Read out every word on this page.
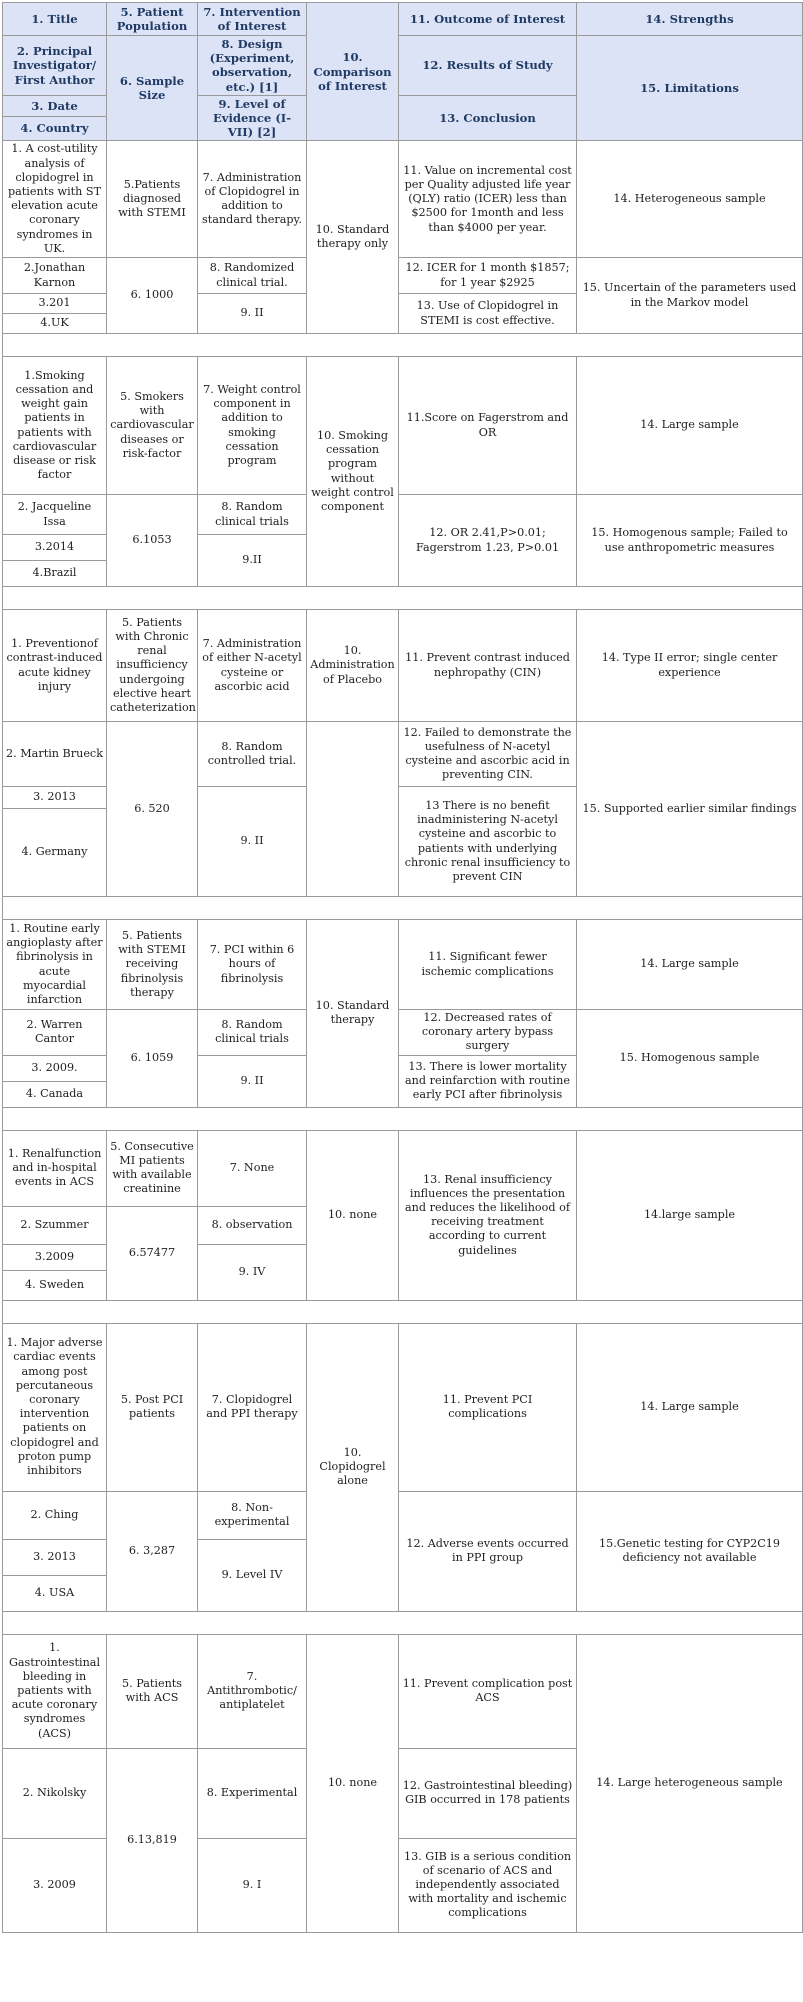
1. Title	5. Patient Population	7. Intervention of Interest	10. Comparison of Interest	11. Outcome of Interest	14. Strengths
2. Principal Investigator/ First Author	6. Sample Size	8. Design (Experiment, observation, etc.) [1]		12. Results of Study	15. Limitations
3. Date		9. Level of Evidence (I-VII) [2]		13. Conclusion	
4. Country					
1. A cost-utility analysis of clopidogrel in patients with ST elevation acute coronary syndromes in UK.	5.Patients diagnosed with STEMI	7. Administration of Clopidogrel in addition to standard therapy.	10. Standard therapy only	11. Value on incremental cost per Quality adjusted life year (QLY) ratio (ICER) less than $2500 for 1month and less than $4000 per year.	14. Heterogeneous sample
2.Jonathan Karnon	6. 1000	8. Randomized clinical trial.		12. ICER for 1 month $1857; for 1 year $2925	15. Uncertain of the parameters used in the Markov model
3.201		9. II		13. Use of Clopidogrel in STEMI is cost effective.	
4.UK					

1.Smoking cessation and weight gain patients in patients with cardiovascular disease or risk factor	5. Smokers with cardiovascular diseases or risk-factor	7. Weight control component in addition to smoking cessation program	10. Smoking cessation program without weight control component	11.Score on Fagerstrom and OR	14. Large sample
2. Jacqueline Issa	6.1053	8. Random clinical trials		12. OR 2.41,P>0.01; Fagerstrom 1.23, P>0.01	15. Homogenous sample; Failed to use anthropometric measures
3.2014		9.II			
4.Brazil					

1. Preventionof contrast-induced acute kidney injury	5. Patients with Chronic renal insufficiency undergoing elective heart catheterization	7. Administration of either N-acetyl cysteine or ascorbic acid	10. Administration of Placebo	11. Prevent contrast induced nephropathy (CIN)	14. Type II error; single center experience
2. Martin Brueck	6. 520	8. Random controlled trial.		12. Failed to demonstrate the usefulness of N-acetyl cysteine and ascorbic acid in preventing CIN.	15. Supported earlier similar findings
3. 2013		9. II		13 There is no benefit inadministering N-acetyl cysteine and ascorbic to patients with underlying chronic renal insufficiency to prevent CIN	
4. Germany					

1. Routine early angioplasty after fibrinolysis in acute myocardial infarction	5. Patients with STEMI receiving fibrinolysis therapy	7. PCI within 6 hours of fibrinolysis	10. Standard therapy	11. Significant fewer ischemic complications	14. Large sample
2. Warren Cantor	6. 1059	8. Random clinical trials		12. Decreased rates of coronary artery bypass surgery	15. Homogenous sample
3. 2009.		9. II		13. There is lower mortality and reinfarction with routine early PCI after fibrinolysis	
4. Canada					

1. Renalfunction and in-hospital events in ACS	5. Consecutive MI patients with available creatinine	7. None	10. none	13. Renal insufficiency influences the presentation and reduces the likelihood of receiving treatment according to current guidelines	14.large sample
2. Szummer	6.57477	8. observation			
3.2009		9. IV			
4. Sweden					

1. Major adverse cardiac events among post percutaneous coronary intervention patients on clopidogrel and proton pump inhibitors	5. Post PCI patients	7. Clopidogrel and PPI therapy	10. Clopidogrel alone	11. Prevent PCI complications	14. Large sample
2. Ching	6. 3,287	8. Non-experimental		12. Adverse events occurred in PPI group	15.Genetic testing for CYP2C19 deficiency not available
3. 2013		9. Level IV			
4. USA					

1. Gastrointestinal bleeding in patients with acute coronary syndromes (ACS)	5. Patients with ACS	7. Antithrombotic/ antiplatelet	10. none	11. Prevent complication post ACS	14. Large heterogeneous sample
2. Nikolsky	6.13,819	8. Experimental		12. Gastrointestinal bleeding) GIB occurred in 178 patients	
3. 2009		9. I		13. GIB is a serious condition of scenario of ACS and independently associated with mortality and ischemic complications	
